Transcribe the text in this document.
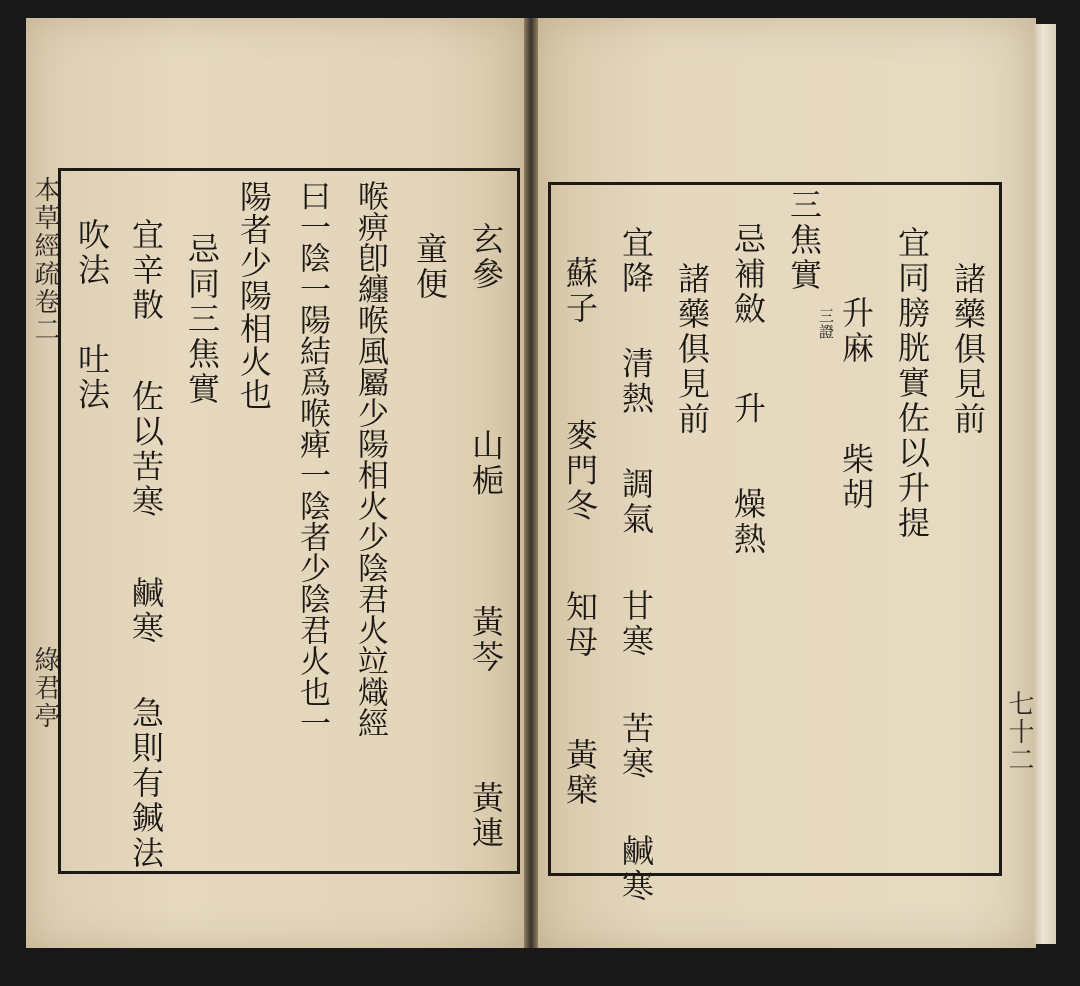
本草經疏卷二
綠君亭
七十二
玄參  山梔  黃芩  黃連
童便
喉痹卽纏喉風屬少陽相火少陰君火竝熾經
曰一陰一陽結爲喉痺一陰者少陰君火也一
陽者少陽相火也
忌同三焦實
宜辛散  佐以苦寒  鹹寒  急則有鍼法
吹法  吐法	諸藥俱見前
宜同膀胱實佐以升提
升麻  柴胡
三焦實
三證
忌補斂  升  燥熱
諸藥俱見前
宜降  清熱  調氣  甘寒  苦寒  鹹寒
蘇子  麥門冬  知母  黃檗
